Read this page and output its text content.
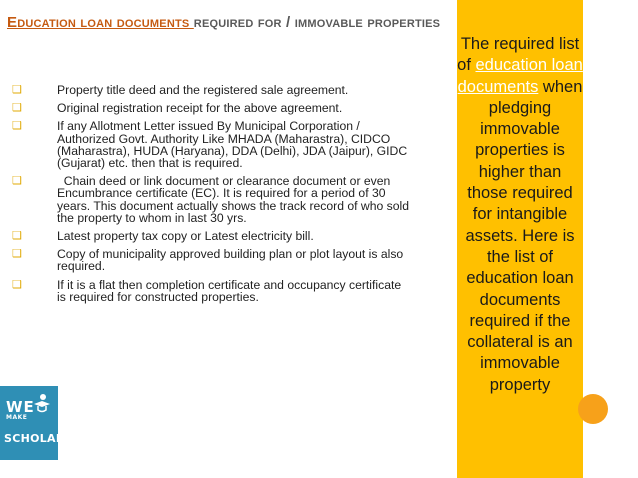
Education loan documents required for / immovable properties
❑	Property title deed and the registered sale agreement.
❑	Original registration receipt for the above agreement.
❑	If any Allotment Letter issued By Municipal Corporation / Authorized Govt. Authority Like MHADA (Maharastra), CIDCO (Maharastra), HUDA (Haryana), DDA (Delhi), JDA (Jaipur), GIDC (Gujarat) etc. then that is required.
❑	Chain deed or link document or clearance document or even Encumbrance certificate (EC). It is required for a period of 30 years. This document actually shows the track record of who sold the property to whom in last 30 yrs.
❑	Latest property tax copy or Latest electricity bill.
❑	Copy of municipality approved building plan or plot layout is also required.
❑	If it is a flat then completion certificate and occupancy certificate is required for constructed properties.
The required list of education loan documents when pledging immovable properties is higher than those required for intangible assets. Here is the list of education loan documents required if the collateral is an immovable property
WE
MAKE
SCHOLARS
